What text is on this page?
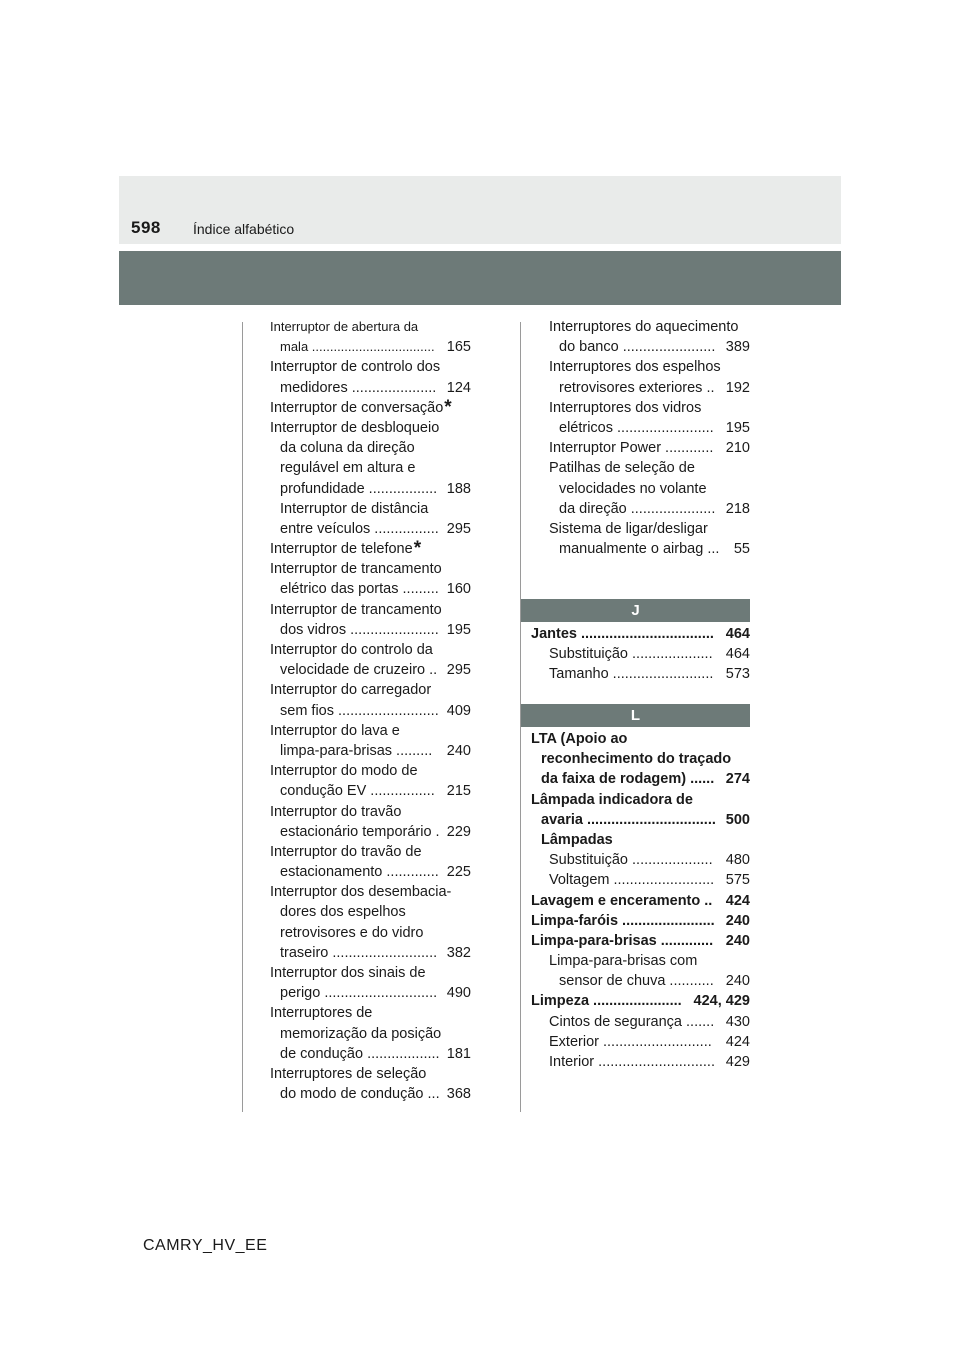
598 Índice alfabético
Interruptor de abertura da
mala .................................. 165
Interruptor de controlo dos
medidores ..................... 124
Interruptor de conversação*
Interruptor de desbloqueio
da coluna da direção
regulável em altura e
profundidade ................. 188
Interruptor de distância
entre veículos ................ 295
Interruptor de telefone*
Interruptor de trancamento
elétrico das portas ......... 160
Interruptor de trancamento
dos vidros ...................... 195
Interruptor do controlo da
velocidade de cruzeiro .. 295
Interruptor do carregador
sem fios ......................... 409
Interruptor do lava e
limpa-para-brisas ......... 240
Interruptor do modo de
condução EV ................ 215
Interruptor do travão
estacionário temporário . 229
Interruptor do travão de
estacionamento ............. 225
Interruptor dos desembacia-
dores dos espelhos
retrovisores e do vidro
traseiro .......................... 382
Interruptor dos sinais de
perigo ............................ 490
Interruptores de
memorização da posição
de condução .................. 181
Interruptores de seleção
do modo de condução ... 368
Interruptores do aquecimento
do banco ....................... 389
Interruptores dos espelhos
retrovisores exteriores .. 192
Interruptores dos vidros
elétricos ........................ 195
Interruptor Power ............ 210
Patilhas de seleção de
velocidades no volante
da direção ..................... 218
Sistema de ligar/desligar
manualmente o airbag ... 55
J
Jantes ................................. 464
Substituição .................... 464
Tamanho ......................... 573
L
LTA (Apoio ao
reconhecimento do traçado
da faixa de rodagem) ...... 274
Lâmpada indicadora de
avaria ................................ 500
Lâmpadas
Substituição .................... 480
Voltagem ......................... 575
Lavagem e enceramento .. 424
Limpa-faróis ....................... 240
Limpa-para-brisas ............. 240
Limpa-para-brisas com
sensor de chuva ........... 240
Limpeza ...................... 424, 429
Cintos de segurança ....... 430
Exterior ........................... 424
Interior ............................. 429
CAMRY_HV_EE
